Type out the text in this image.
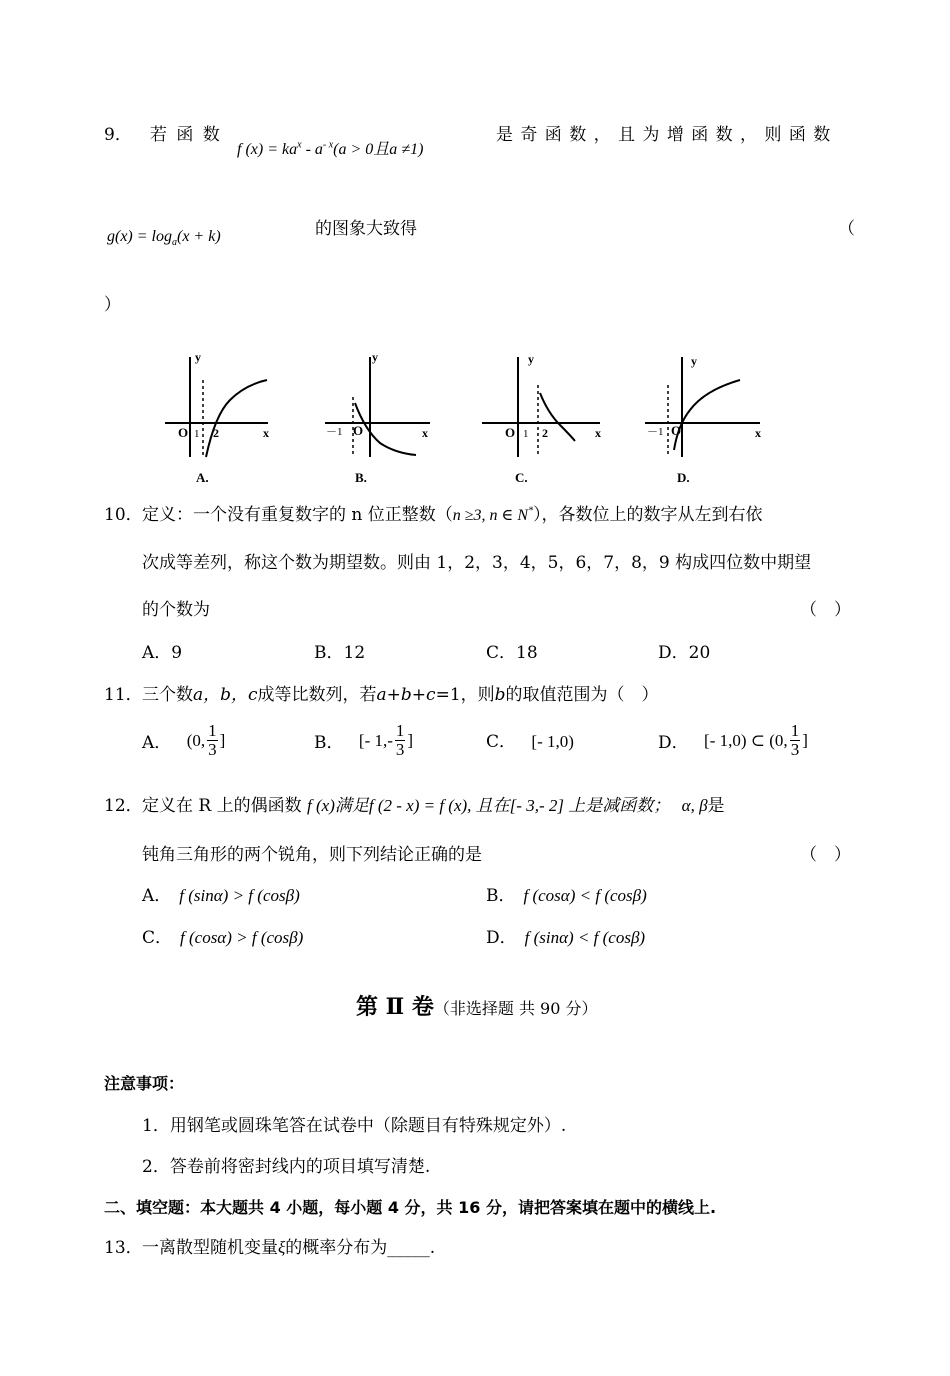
9． 若 函 数
f $(x) = ka^x - a^{- x}(a > 0$且a ≠1)
是 奇 函 数 ， 且 为 增 函 数 ， 则 函 数
$g(x) = \log_a(x + k)$	的图象大致得	（
）
y
O 1 2	x
A.
y
－1 O	x
B.
y
O 1 2	x
C.
y
－1 O	x
D.
10． 定义：一个没有重复数字的 n 位正整数（n ≥3, n ∈ N*），各数位上的数字从左到右依
次成等差列，称这个数为期望数。则由 1，2，3，4，5，6，7，8，9 构成四位数中期望
的个数为	（　）
A．9	B．12	C．18	D．20
11． 三个数a，b，c成等比数列，若a+b+c=1，则b的取值范围为（　）
A． (0, $\frac{1}{3}$ ]	B． [- $1,- \frac{1}{3}$ ]	C． [- 1,0)	D． [- 1,0) ⊂ (0, $\frac{1}{3}$ ]
12． 定义在 R 上的偶函数 f (x)满足f (2 - x) = f (x), 且在[- 3,- 2] 上是减函数； α, β是
钝角三角形的两个锐角，则下列结论正确的是	（　）
A． f (sinα) > f (cosβ)	B． f (cosα) < f (cosβ)
C． f (cosα) > f (cosβ)	D． f (sinα) < f (cosβ)
第 Ⅱ 卷（非选择题 共 90 分）
注意事项：
1．用钢笔或圆珠笔答在试卷中（除题目有特殊规定外）.
2．答卷前将密封线内的项目填写清楚.
二、填空题：本大题共 4 小题，每小题 4 分，共 16 分，请把答案填在题中的横线上.
13． 一离散型随机变量ξ的概率分布为_____.
